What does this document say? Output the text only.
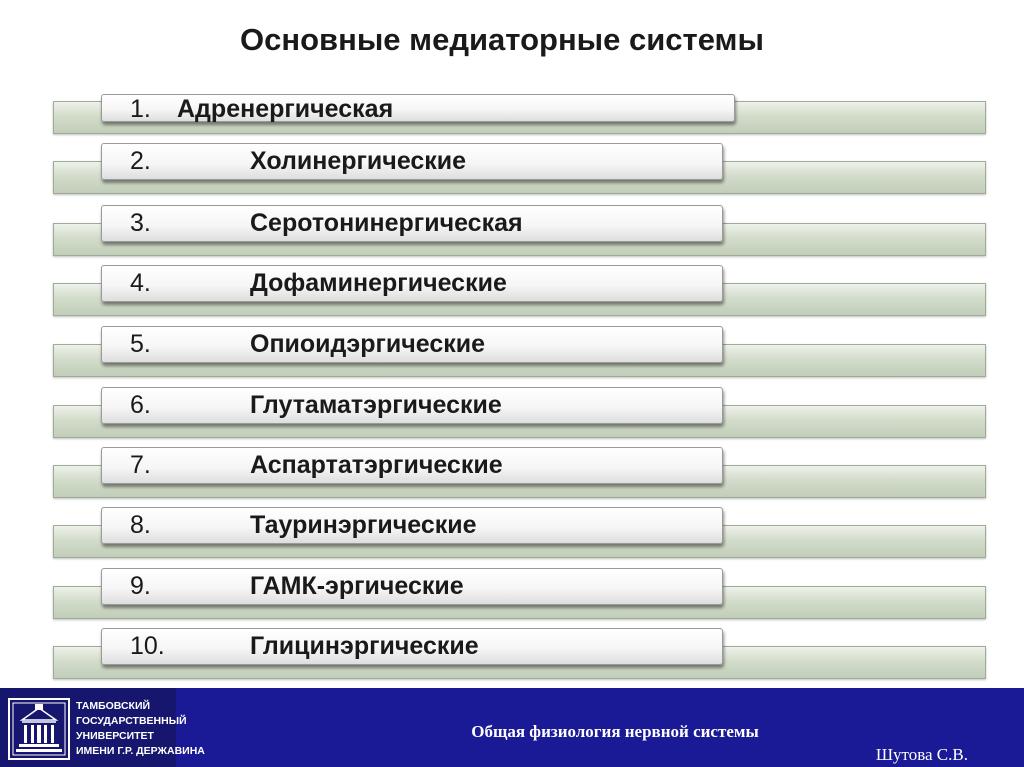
Основные медиаторные системы
1. Адренергическая
2.	Холинергические
3.	Серотонинергическая
4.	Дофаминергические
5.	Опиоидэргические
6.	Глутаматэргические
7.	Аспартатэргические
8.	Тауринэргические
9.	ГАМК-эргические
10.	Глицинэргические
ТАМБОВСКИЙ
ГОСУДАРСТВЕННЫЙ
УНИВЕРСИТЕТ
ИМЕНИ Г.Р. ДЕРЖАВИНА
Общая физиология нервной системы
Шутова С.В.
